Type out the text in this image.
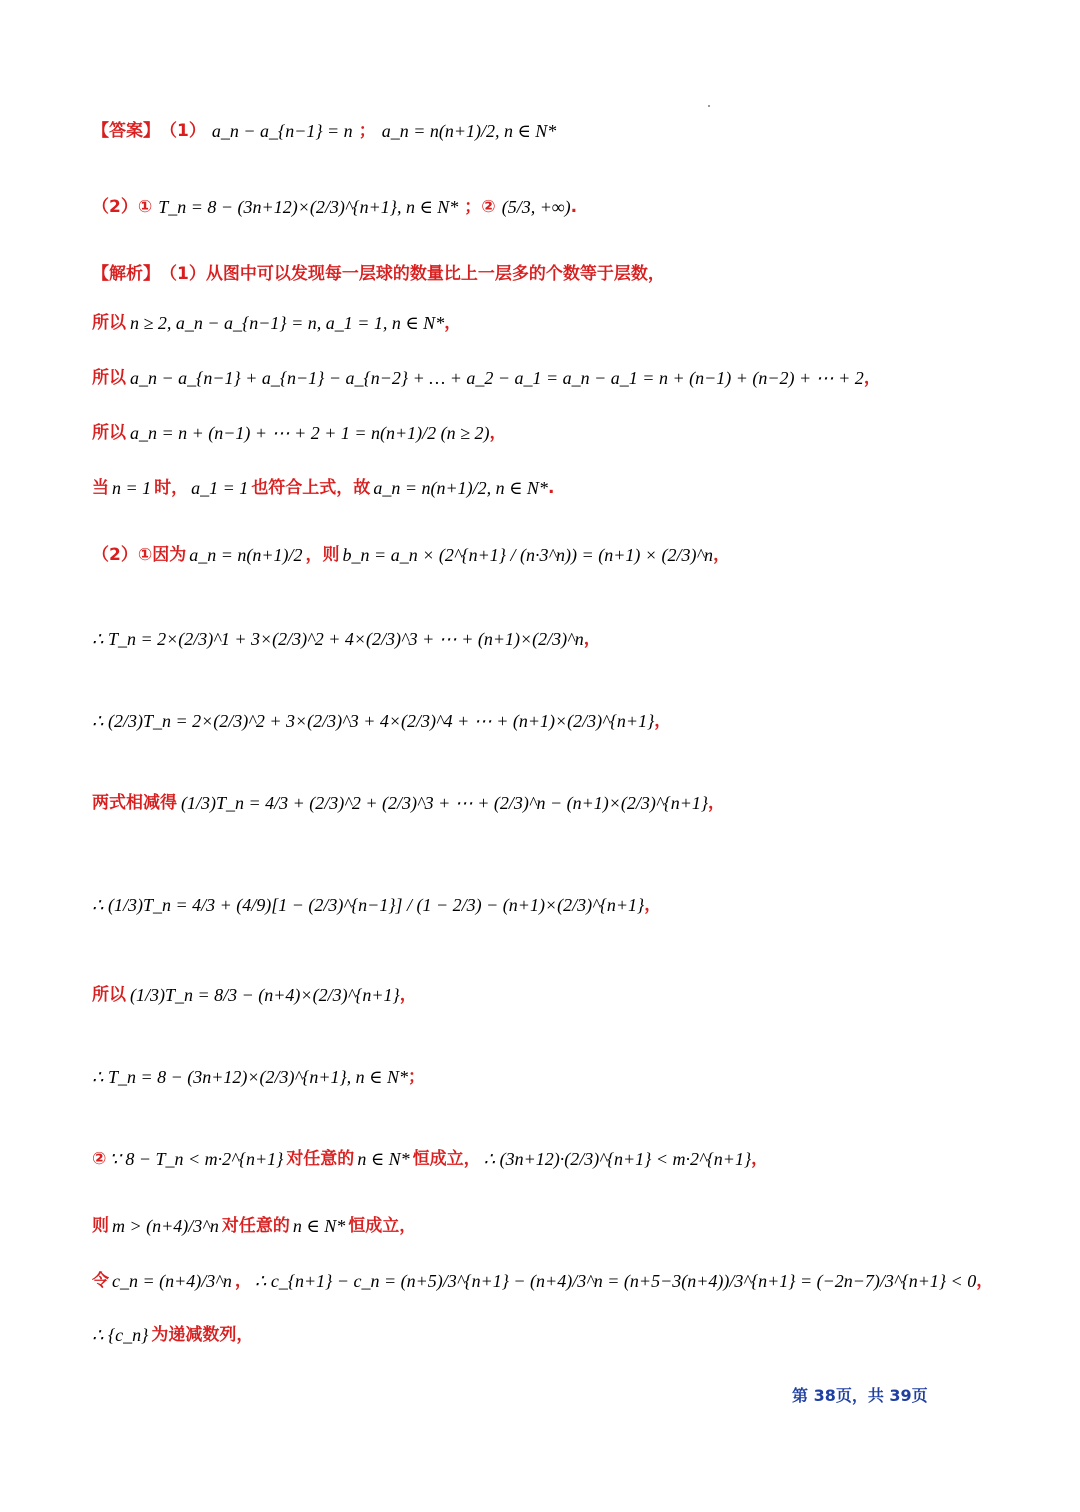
【答案】 （1） a_n − a_{n−1} = n ； a_n = n(n+1)/2, n ∈ N*
（2） ① T_n = 8 − (3n+12)×(2/3)^{n+1}, n ∈ N* ； ② (5/3, +∞) .
【解析】 （1）从图中可以发现每一层球的数量比上一层多的个数等于层数，
所以 n ≥ 2, a_n − a_{n−1} = n, a_1 = 1, n ∈ N* ，
所以 a_n − a_{n−1} + a_{n−1} − a_{n−2} + … + a_2 − a_1 = a_n − a_1 = n + (n−1) + (n−2) + ⋯ + 2 ，
所以 a_n = n + (n−1) + ⋯ + 2 + 1 = n(n+1)/2 (n ≥ 2) ，
当 n = 1 时， a_1 = 1 也符合上式，故 a_n = n(n+1)/2, n ∈ N* .
（2） ① 因为 a_n = n(n+1)/2 ，则 b_n = a_n × (2^{n+1} / (n·3^n)) = (n+1) × (2/3)^n ，
∴ T_n = 2×(2/3)^1 + 3×(2/3)^2 + 4×(2/3)^3 + ⋯ + (n+1)×(2/3)^n ，
∴ (2/3)T_n = 2×(2/3)^2 + 3×(2/3)^3 + 4×(2/3)^4 + ⋯ + (n+1)×(2/3)^{n+1} ，
两式相减得 (1/3)T_n = 4/3 + (2/3)^2 + (2/3)^3 + ⋯ + (2/3)^n − (n+1)×(2/3)^{n+1} ，
∴ (1/3)T_n = 4/3 + (4/9)[1 − (2/3)^{n−1}] / (1 − 2/3) − (n+1)×(2/3)^{n+1} ，
所以 (1/3)T_n = 8/3 − (n+4)×(2/3)^{n+1} ，
∴ T_n = 8 − (3n+12)×(2/3)^{n+1}, n ∈ N* ；
② ∵ 8 − T_n < m·2^{n+1} 对任意的 n ∈ N* 恒成立， ∴ (3n+12)·(2/3)^{n+1} < m·2^{n+1} ，
则 m > (n+4)/3^n 对任意的 n ∈ N* 恒成立，
令 c_n = (n+4)/3^n ， ∴ c_{n+1} − c_n = (n+5)/3^{n+1} − (n+4)/3^n = (n+5−3(n+4))/3^{n+1} = (−2n−7)/3^{n+1} < 0 ，
∴ {c_n} 为递减数列，
第 38页，共 39页
